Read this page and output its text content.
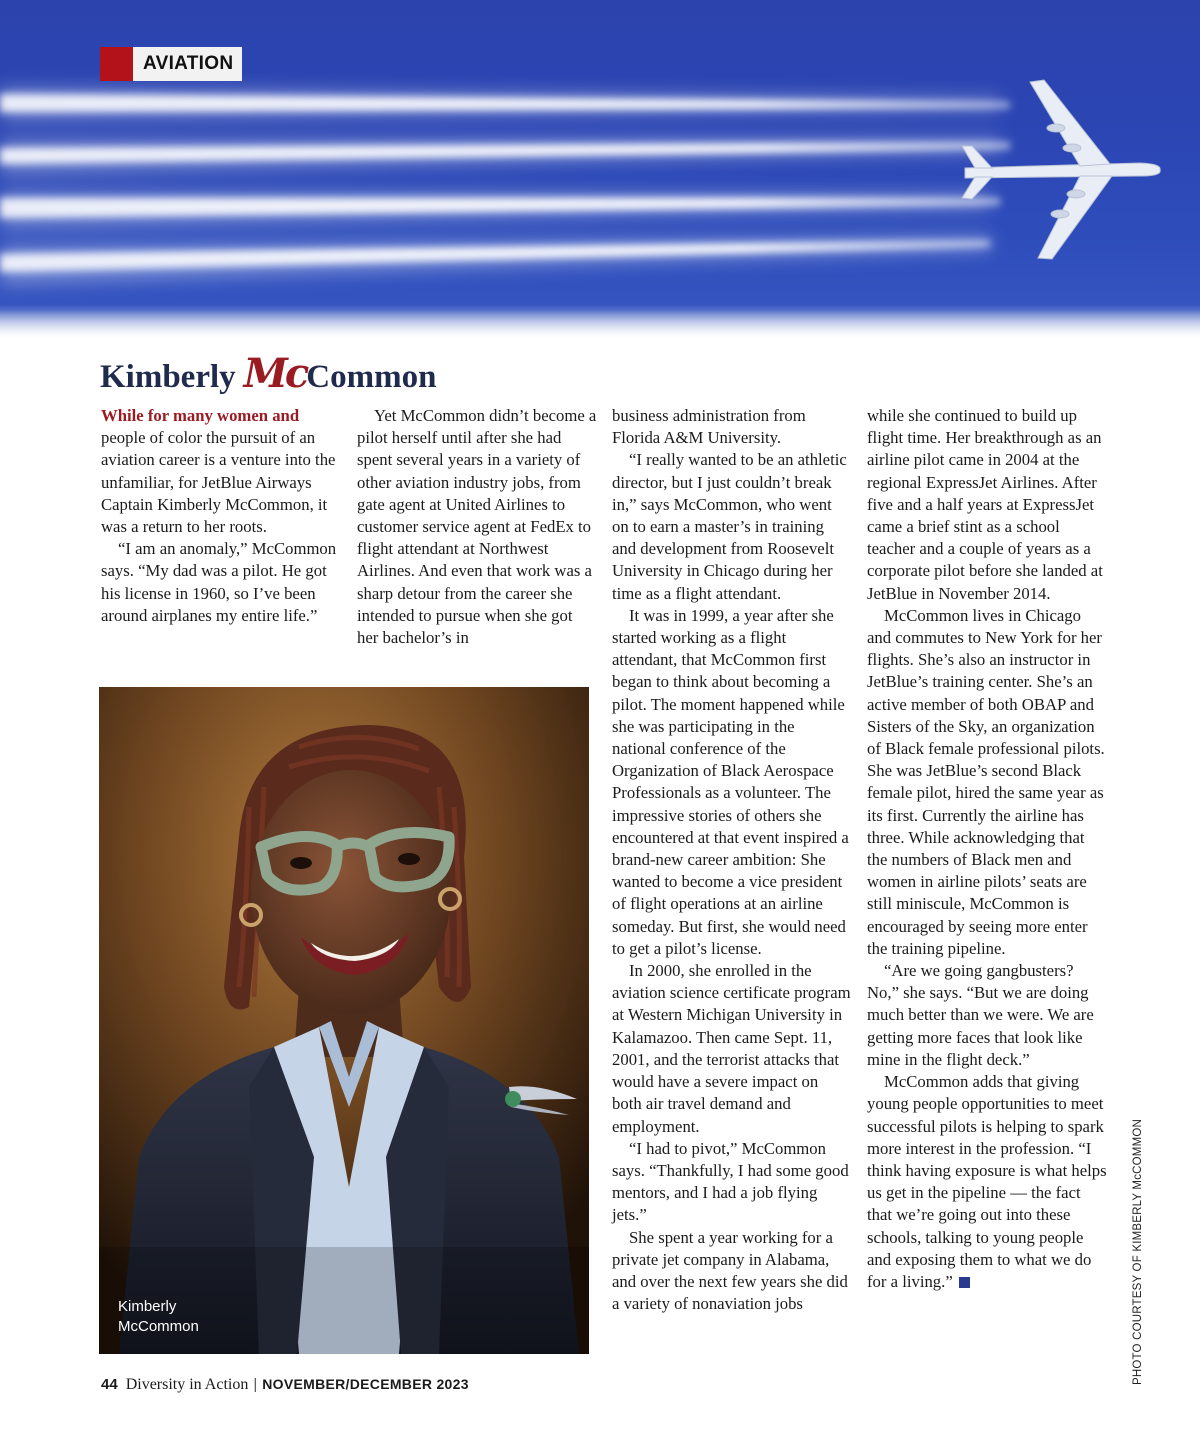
AVIATION
Kimberly Mc Common

While for many women and people of color the pursuit of an aviation career is a venture into the unfamiliar, for JetBlue Airways Captain Kimberly McCommon, it was a return to her roots.

“I am an anomaly,” McCommon says. “My dad was a pilot. He got his license in 1960, so I’ve been around airplanes my entire life.”

Yet McCommon didn’t become a pilot herself until after she had spent several years in a variety of other aviation industry jobs, from gate agent at United Airlines to customer service agent at FedEx to flight attendant at Northwest Airlines. And even that work was a sharp detour from the career she intended to pursue when she got her bachelor’s in

Kimberly
McCommon

business administration from Florida A&M University.

“I really wanted to be an athletic director, but I just couldn’t break in,” says McCommon, who went on to earn a master’s in training and development from Roosevelt University in Chicago during her time as a flight attendant.

It was in 1999, a year after she started working as a flight attendant, that McCommon first began to think about becoming a pilot. The moment happened while she was participating in the national conference of the Organization of Black Aerospace Professionals as a volunteer. The impressive stories of others she encountered at that event inspired a brand-new career ambition: She wanted to become a vice president of flight operations at an airline someday. But first, she would need to get a pilot’s license.

In 2000, she enrolled in the aviation science certificate program at Western Michigan University in Kalamazoo. Then came Sept. 11, 2001, and the terrorist attacks that would have a severe impact on both air travel demand and employment.

“I had to pivot,” McCommon says. “Thankfully, I had some good mentors, and I had a job flying jets.”

She spent a year working for a private jet company in Alabama, and over the next few years she did a variety of nonaviation jobs

while she continued to build up flight time. Her breakthrough as an airline pilot came in 2004 at the regional ExpressJet Airlines. After five and a half years at ExpressJet came a brief stint as a school teacher and a couple of years as a corporate pilot before she landed at JetBlue in November 2014.

McCommon lives in Chicago and commutes to New York for her flights. She’s also an instructor in JetBlue’s training center. She’s an active member of both OBAP and Sisters of the Sky, an organization of Black female professional pilots. She was JetBlue’s second Black female pilot, hired the same year as its first. Currently the airline has three. While acknowledging that the numbers of Black men and women in airline pilots’ seats are still miniscule, McCommon is encouraged by seeing more enter the training pipeline.

“Are we going gangbusters? No,” she says. “But we are doing much better than we were. We are getting more faces that look like mine in the flight deck.”

McCommon adds that giving young people opportunities to meet successful pilots is helping to spark more interest in the profession. “I think having exposure is what helps us get in the pipeline — the fact that we’re going out into these schools, talking to young people and exposing them to what we do for a living.”	PHOTO COURTESY OF KIMBERLY McCOMMON
44 Diversity in Action | NOVEMBER/DECEMBER 2023
